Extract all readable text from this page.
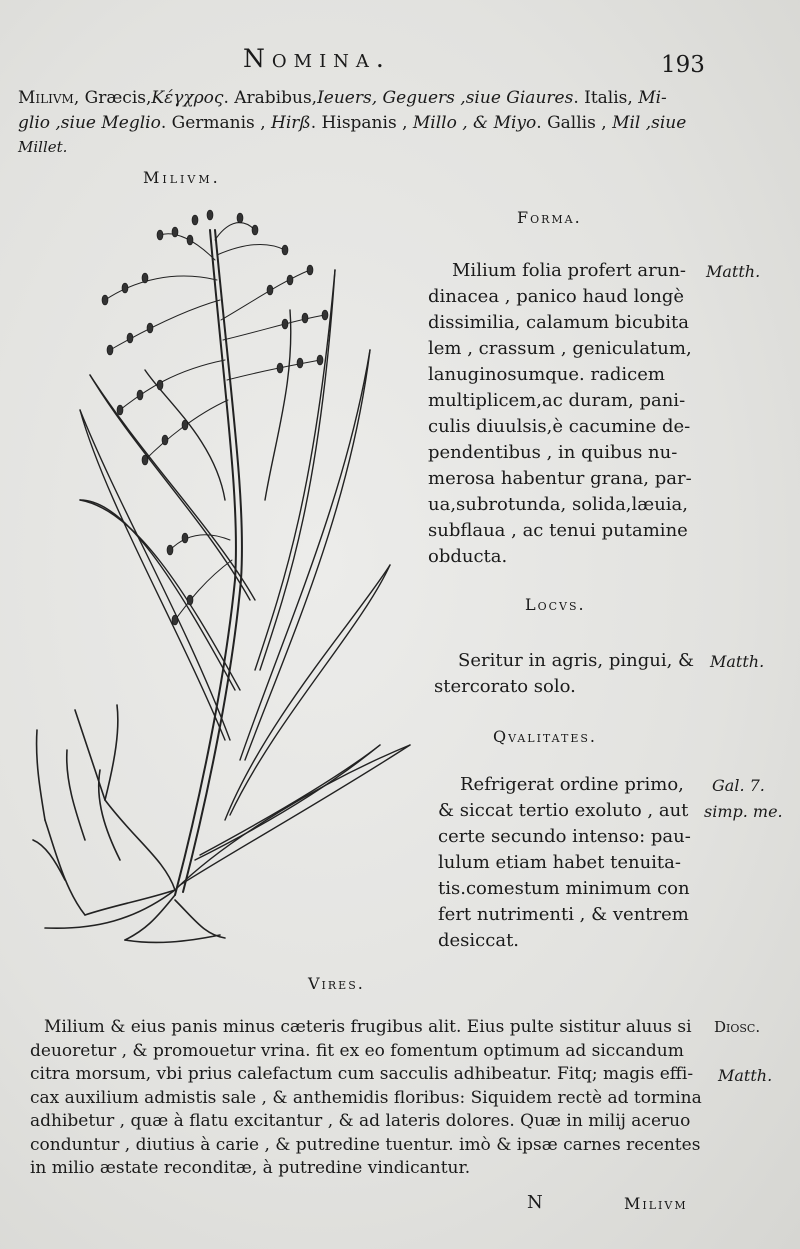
Nomina.	193
Milivm, Græcis,Κέγχρος. Arabibus,Ieuers, Geguers ,siue Giaures. Italis, Mi-
glio ,siue Meglio. Germanis , Hirß. Hispanis , Millo , & Miyo. Gallis , Mil ,siue
Millet.
Milivm.
Forma.
Milium folia profert arun-
dinacea , panico haud longè
dissimilia, calamum bicubita
lem , crassum , geniculatum,
lanuginosumque. radicem
multiplicem,ac duram, pani-
culis diuulsis,è cacumine de-
pendentibus , in quibus nu-
merosa habentur grana, par-
ua,subrotunda, solida,læuia,
subflaua , ac tenui putamine
obducta.
Matth.
Locvs.
Seritur in agris, pingui, &
stercorato solo.
Matth.
Qvalitates.
Refrigerat ordine primo,
& siccat tertio exoluto , aut
certe secundo intenso: pau-
lulum etiam habet tenuita-
tis.comestum minimum con
fert nutrimenti , & ventrem
desiccat.
Gal. 7.
simp. me.
Vires.
Milium & eius panis minus cæteris frugibus alit. Eius pulte sistitur aluus si
deuoretur , & promouetur vrina. fit ex eo fomentum optimum ad siccandum
citra morsum, vbi prius calefactum cum sacculis adhibeatur. Fitq; magis effi-
cax auxilium admistis sale , & anthemidis floribus: Siquidem rectè ad tormina
adhibetur , quæ à flatu excitantur , & ad lateris dolores. Quæ in milij aceruo
conduntur , diutius à carie , & putredine tuentur. imò & ipsæ carnes recentes
in milio æstate reconditæ, à putredine vindicantur.
Diosc.
Matth.
N	Milivm
